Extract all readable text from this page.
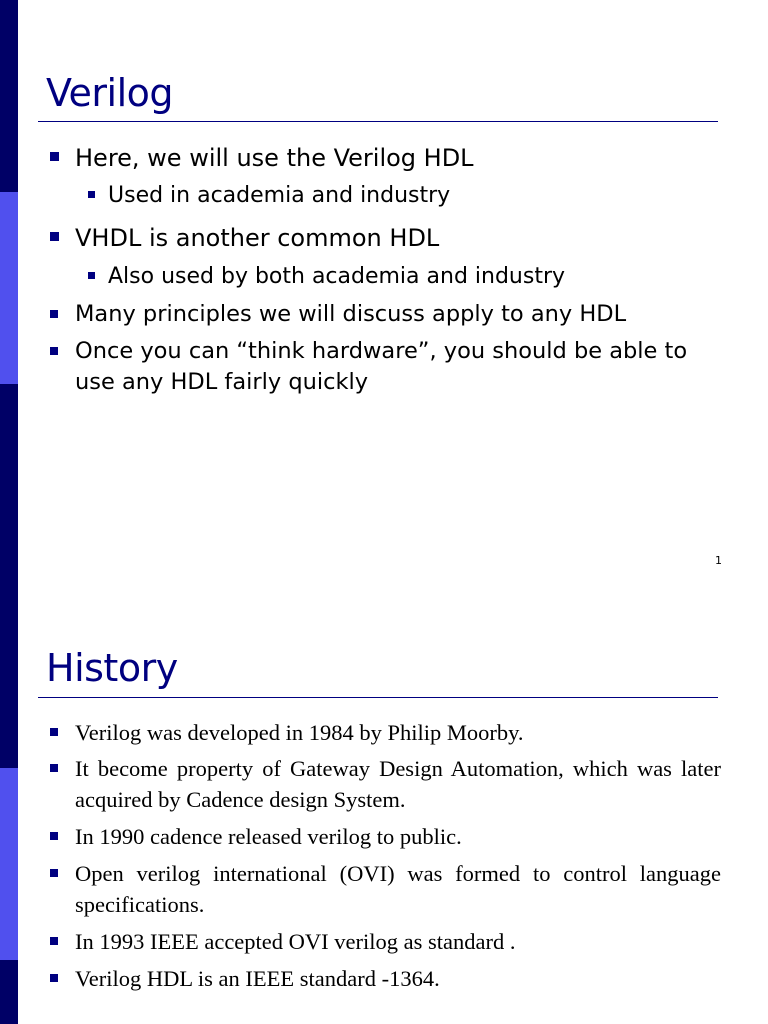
Verilog
Here, we will use the Verilog HDL
Used in academia and industry
VHDL is another common HDL
Also used by both academia and industry
Many principles we will discuss apply to any HDL
Once you can “think hardware”, you should be able to use any HDL fairly quickly
1
History
Verilog was developed in 1984 by Philip Moorby.
It become property of Gateway Design Automation, which was later acquired by Cadence design System.
In 1990 cadence released verilog to public.
Open verilog international (OVI) was formed to control language specifications.
In 1993 IEEE accepted OVI verilog as standard .
Verilog HDL is an IEEE standard -1364.
